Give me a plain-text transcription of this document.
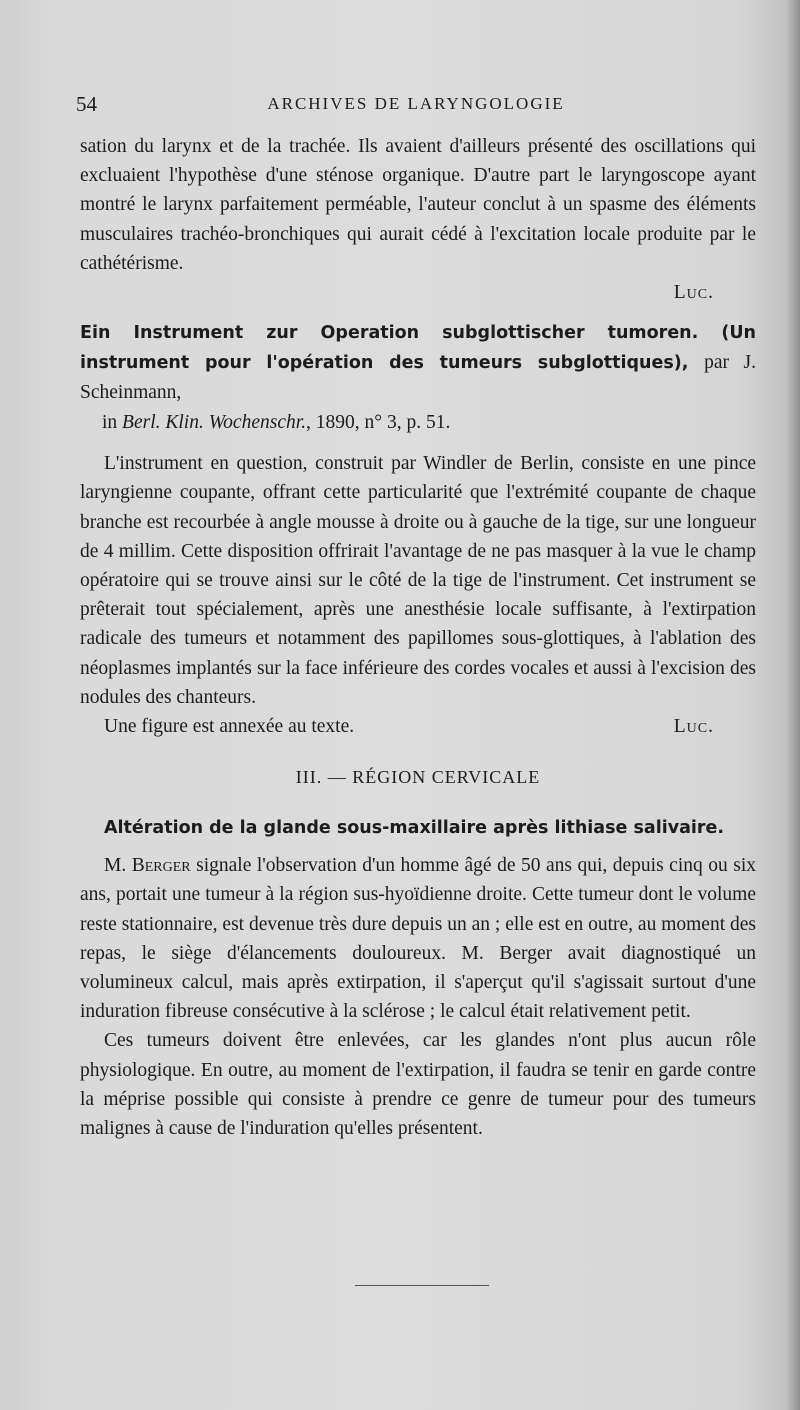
54	ARCHIVES DE LARYNGOLOGIE

sation du larynx et de la trachée. Ils avaient d'ailleurs présenté des oscillations qui excluaient l'hypothèse d'une sténose organique. D'autre part le laryngoscope ayant montré le larynx parfaitement perméable, l'auteur conclut à un spasme des éléments musculaires trachéo-bronchiques qui aurait cédé à l'excitation locale produite par le cathétérisme.

Luc.

Ein Instrument zur Operation subglottischer tumoren. (Un instrument pour l'opération des tumeurs subglottiques), par J. Scheinmann,
in Berl. Klin. Wochenschr., 1890, n° 3, p. 51.

L'instrument en question, construit par Windler de Berlin, consiste en une pince laryngienne coupante, offrant cette particularité que l'extrémité coupante de chaque branche est recourbée à angle mousse à droite ou à gauche de la tige, sur une longueur de 4 millim. Cette disposition offrirait l'avantage de ne pas masquer à la vue le champ opératoire qui se trouve ainsi sur le côté de la tige de l'instrument. Cet instrument se prêterait tout spécialement, après une anesthésie locale suffisante, à l'extirpation radicale des tumeurs et notamment des papillomes sous-glottiques, à l'ablation des néoplasmes implantés sur la face inférieure des cordes vocales et aussi à l'excision des nodules des chanteurs.

Une figure est annexée au texte.	Luc.
III. — RÉGION CERVICALE
Altération de la glande sous-maxillaire après lithiase salivaire.

M. Berger signale l'observation d'un homme âgé de 50 ans qui, depuis cinq ou six ans, portait une tumeur à la région sus-hyoïdienne droite. Cette tumeur dont le volume reste stationnaire, est devenue très dure depuis un an ; elle est en outre, au moment des repas, le siège d'élancements douloureux. M. Berger avait diagnostiqué un volumineux calcul, mais après extirpation, il s'aperçut qu'il s'agissait surtout d'une induration fibreuse consécutive à la sclérose ; le calcul était relativement petit.

Ces tumeurs doivent être enlevées, car les glandes n'ont plus aucun rôle physiologique. En outre, au moment de l'extirpation, il faudra se tenir en garde contre la méprise possible qui consiste à prendre ce genre de tumeur pour des tumeurs malignes à cause de l'induration qu'elles présentent.
